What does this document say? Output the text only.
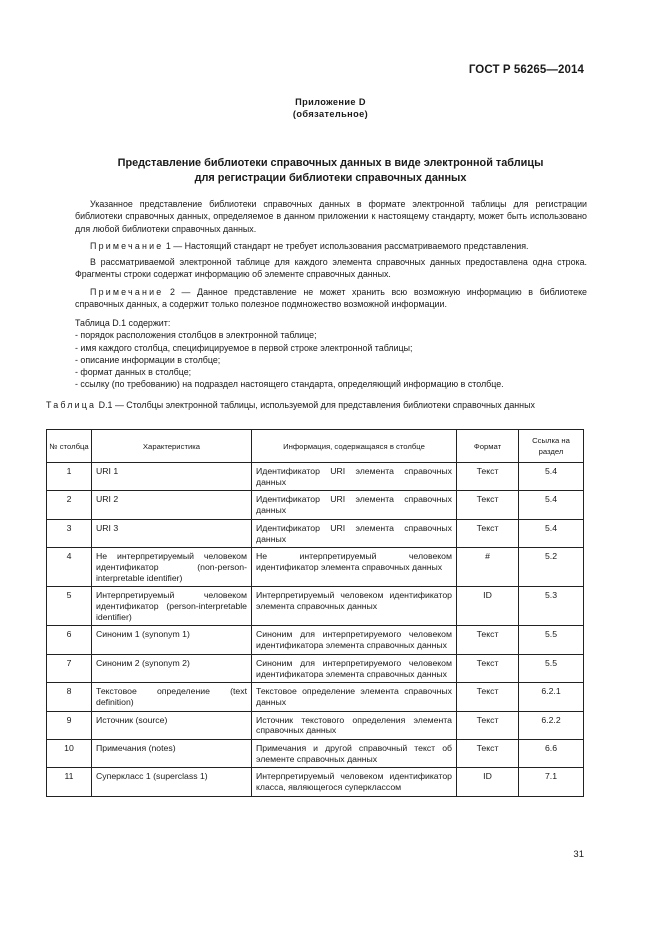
ГОСТ Р 56265—2014
Приложение D
(обязательное)
Представление библиотеки справочных данных в виде электронной таблицы
для регистрации библиотеки справочных данных

Указанное представление библиотеки справочных данных в формате электронной таблицы для регистрации библиотеки справочных данных, определяемое в данном приложении к настоящему стандарту, может быть использовано для любой библиотеки справочных данных.

Примечание 1 — Настоящий стандарт не требует использования рассматриваемого представления.

В рассматриваемой электронной таблице для каждого элемента справочных данных предоставлена одна строка. Фрагменты строки содержат информацию об элементе справочных данных.

Примечание 2 — Данное представление не может хранить всю возможную информацию в библиотеке справочных данных, а содержит только полезное подмножество возможной информации.

Таблица D.1 содержит:
- порядок расположения столбцов в электронной таблице;
- имя каждого столбца, специфицируемое в первой строке электронной таблицы;
- описание информации в столбце;
- формат данных в столбце;
- ссылку (по требованию) на подраздел настоящего стандарта, определяющий информацию в столбце.
Таблица D.1 — Столбцы электронной таблицы, используемой для представления библиотеки справочных данных
№ столбца	Характеристика	Информация, содержащаяся в столбце	Формат	Ссылка на раздел
1	URI 1	Идентификатор URI элемента справочных данных	Текст	5.4
2	URI 2	Идентификатор URI элемента справочных данных	Текст	5.4
3	URI 3	Идентификатор URI элемента справочных данных	Текст	5.4
4	Не интерпретируемый человеком идентификатор (non-person-interpretable identifier)	Не интерпретируемый человеком идентификатор элемента справочных данных	#	5.2
5	Интерпретируемый человеком идентификатор (person-interpretable identifier)	Интерпретируемый человеком идентификатор элемента справочных данных	ID	5.3
6	Синоним 1 (synonym 1)	Синоним для интерпретируемого человеком идентификатора элемента справочных данных	Текст	5.5
7	Синоним 2 (synonym 2)	Синоним для интерпретируемого человеком идентификатора элемента справочных данных	Текст	5.5
8	Текстовое определение (text definition)	Текстовое определение элемента справочных данных	Текст	6.2.1
9	Источник (source)	Источник текстового определения элемента справочных данных	Текст	6.2.2
10	Примечания (notes)	Примечания и другой справочный текст об элементе справочных данных	Текст	6.6
11	Суперкласс 1 (superclass 1)	Интерпретируемый человеком идентификатор класса, являющегося суперклассом	ID	7.1
31
